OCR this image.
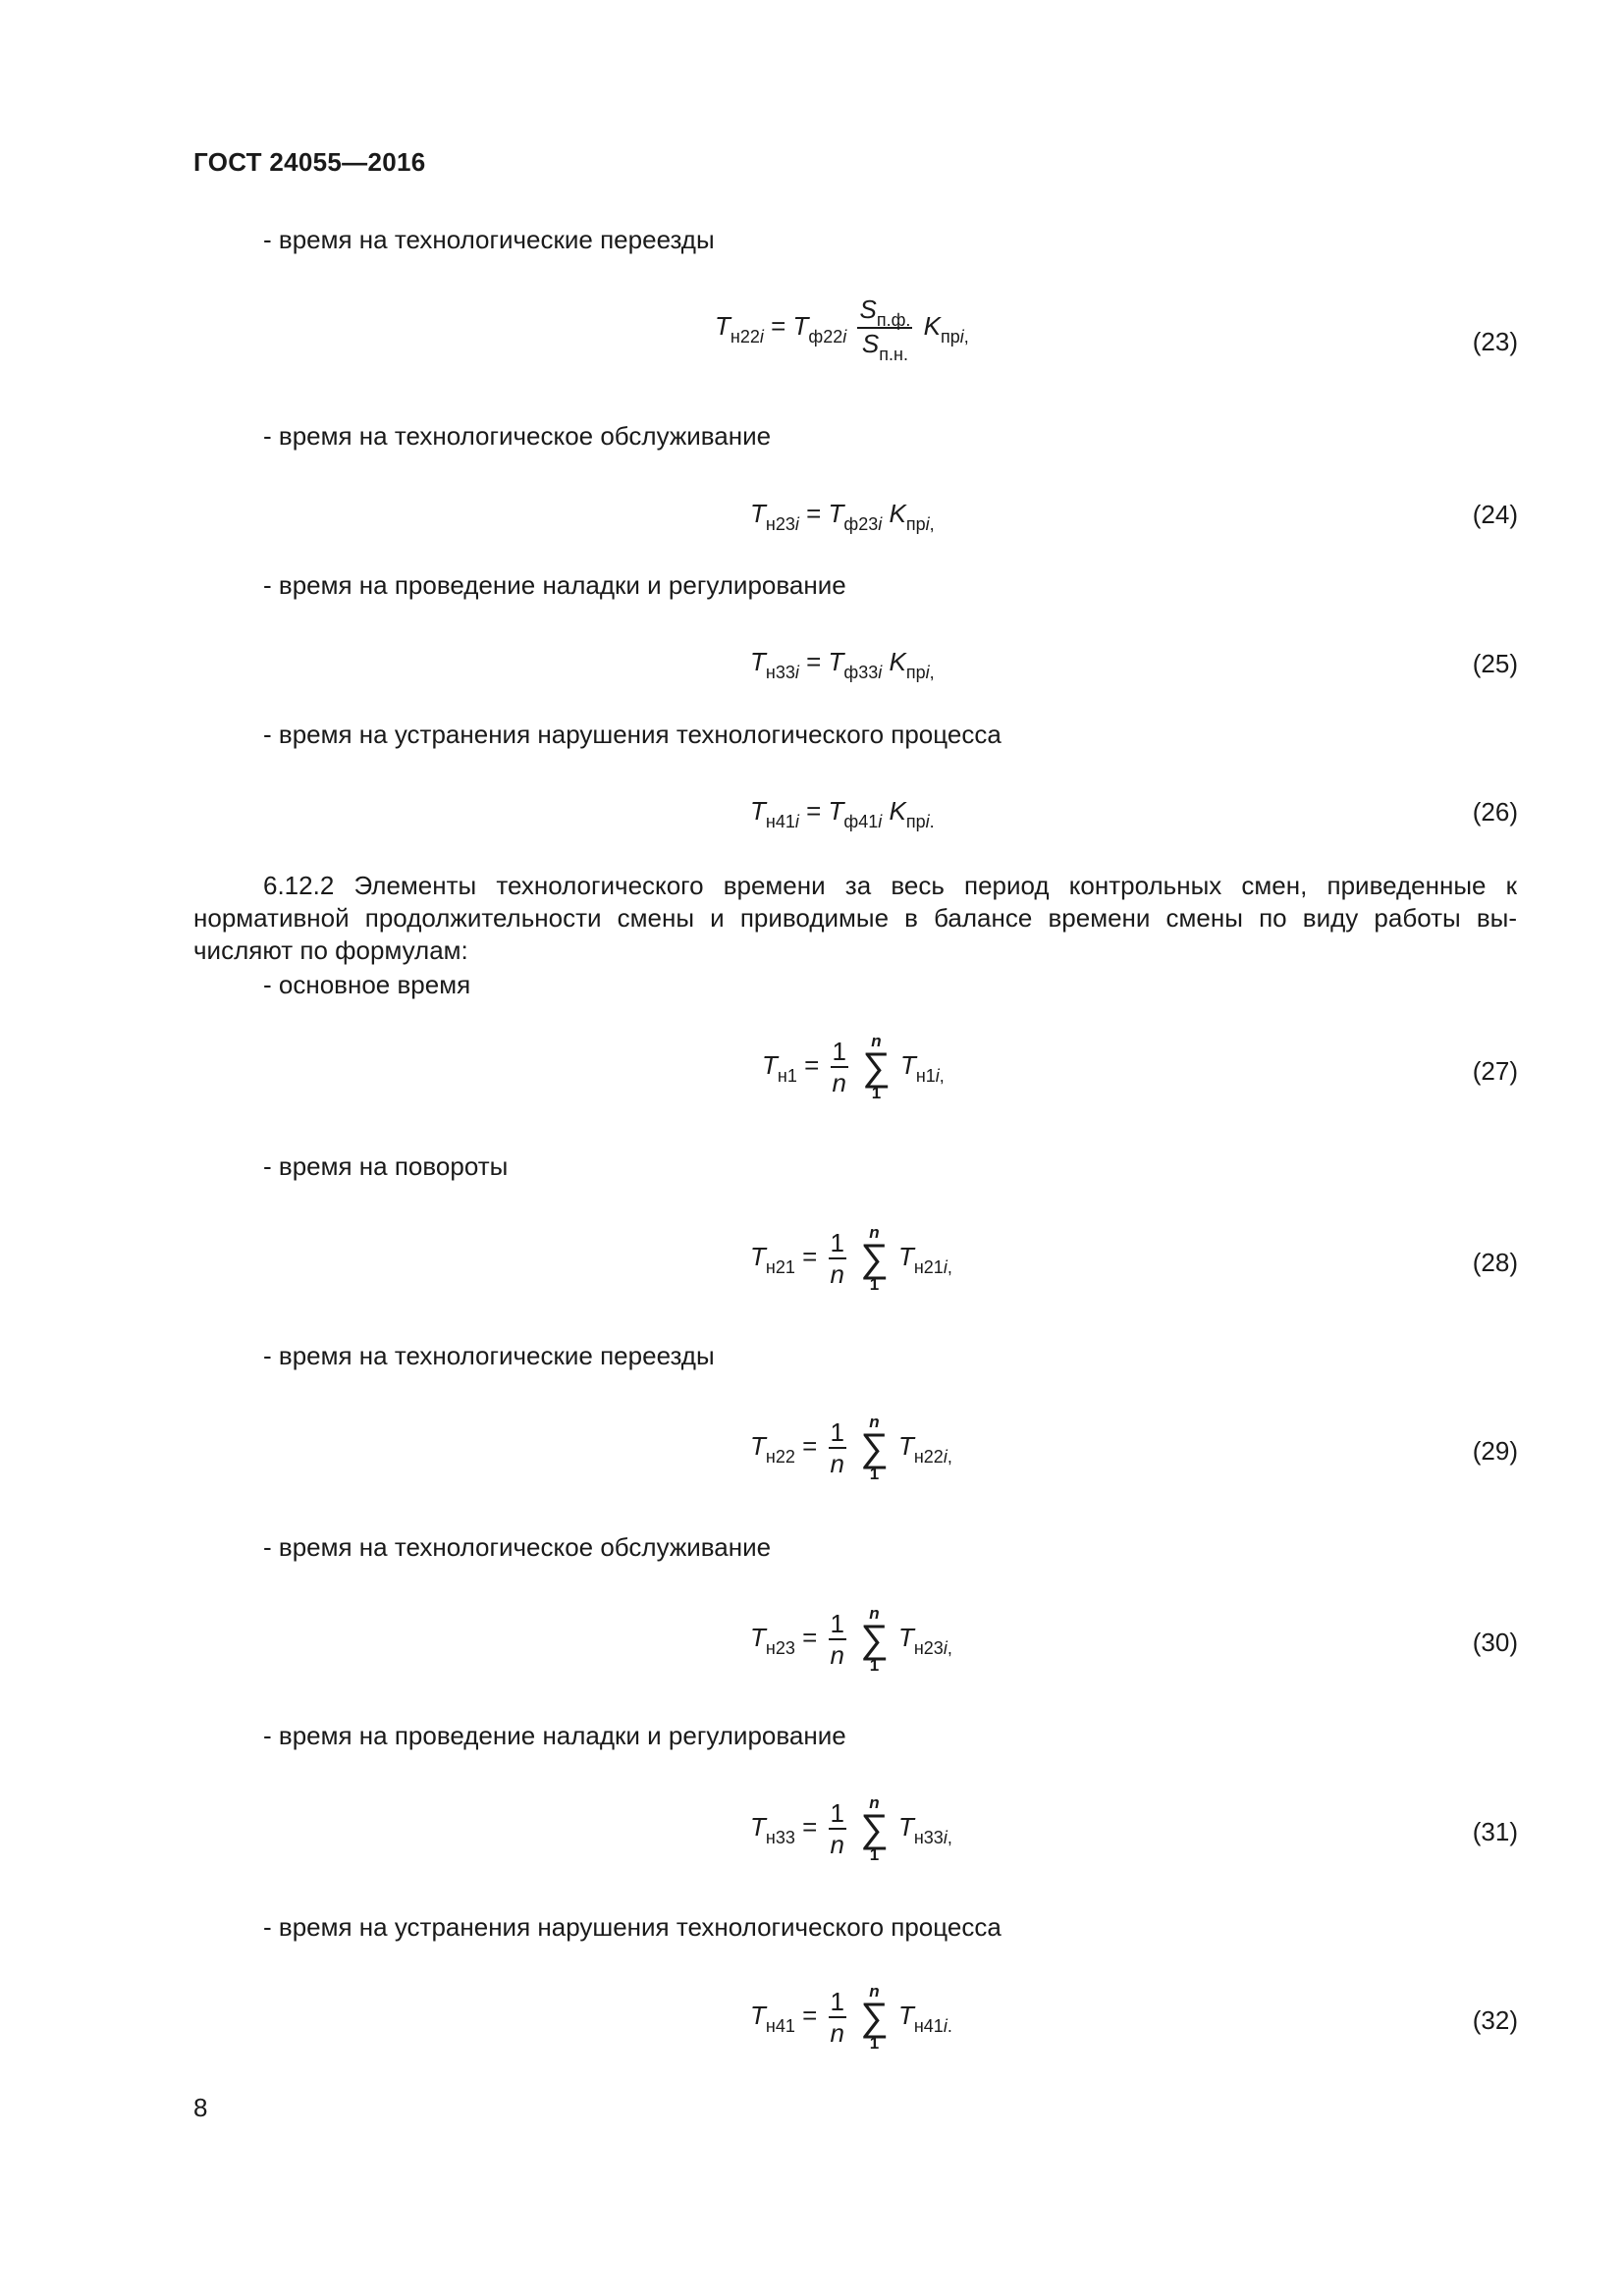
ГОСТ 24055—2016
- время на технологические переезды
$T_{н22i} = T_{ф22i} \frac{S_{п.ф.}}{S_{п.н.}} K_{прi,}$	(23)
- время на технологическое обслуживание
$T_{н23i} = T_{ф23i}$ $K_{прi,}$	(24)
- время на проведение наладки и регулирование
$T_{н33i} = T_{ф33i}$ $K_{прi,}$	(25)
- время на устранения нарушения технологического процесса
$T_{н41i} = T_{ф41i}$ $K_{прi.}$	(26)
6.12.2 Элементы технологического времени за весь период контрольных смен, приведенные к
нормативной продолжительности смены и приводимые в балансе времени смены по виду работы вы-
числяют по формулам:
- основное время
$T_{н1} = \frac{1}{n}$
	n
∑
1
$T_{н1i,}$	(27)
- время на повороты
$T_{н21} = \frac{1}{n}$
	n
∑
1
$T_{н21i,}$	(28)
- время на технологические переезды
$T_{н22} = \frac{1}{n}$
	n
∑
1
$T_{н22i,}$	(29)
- время на технологическое обслуживание
$T_{н23} = \frac{1}{n}$
	n
∑
1
$T_{н23i,}$	(30)
- время на проведение наладки и регулирование
$T_{н33} = \frac{1}{n}$
	n
∑
1
$T_{н33i,}$	(31)
- время на устранения нарушения технологического процесса
$T_{н41} = \frac{1}{n}$
	n
∑
1
$T_{н41i.}$	(32)
8
